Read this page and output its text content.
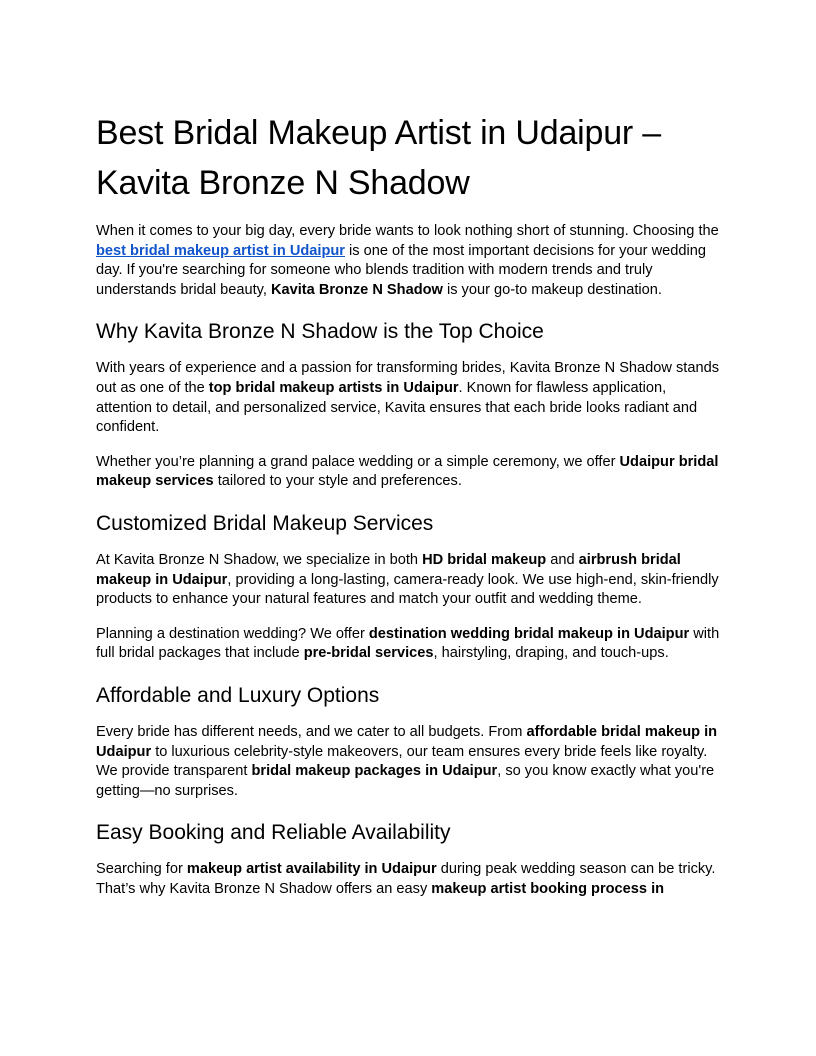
Best Bridal Makeup Artist in Udaipur –
Kavita Bronze N Shadow

When it comes to your big day, every bride wants to look nothing short of stunning. Choosing the best bridal makeup artist in Udaipur is one of the most important decisions for your wedding day. If you're searching for someone who blends tradition with modern trends and truly understands bridal beauty, Kavita Bronze N Shadow is your go-to makeup destination.

Why Kavita Bronze N Shadow is the Top Choice

With years of experience and a passion for transforming brides, Kavita Bronze N Shadow stands out as one of the top bridal makeup artists in Udaipur. Known for flawless application, attention to detail, and personalized service, Kavita ensures that each bride looks radiant and confident.

Whether you’re planning a grand palace wedding or a simple ceremony, we offer Udaipur bridal makeup services tailored to your style and preferences.

Customized Bridal Makeup Services

At Kavita Bronze N Shadow, we specialize in both HD bridal makeup and airbrush bridal makeup in Udaipur, providing a long-lasting, camera-ready look. We use high-end, skin-friendly products to enhance your natural features and match your outfit and wedding theme.

Planning a destination wedding? We offer destination wedding bridal makeup in Udaipur with full bridal packages that include pre-bridal services, hairstyling, draping, and touch-ups.

Affordable and Luxury Options

Every bride has different needs, and we cater to all budgets. From affordable bridal makeup in Udaipur to luxurious celebrity-style makeovers, our team ensures every bride feels like royalty. We provide transparent bridal makeup packages in Udaipur, so you know exactly what you're getting—no surprises.

Easy Booking and Reliable Availability

Searching for makeup artist availability in Udaipur during peak wedding season can be tricky. That’s why Kavita Bronze N Shadow offers an easy makeup artist booking process in
